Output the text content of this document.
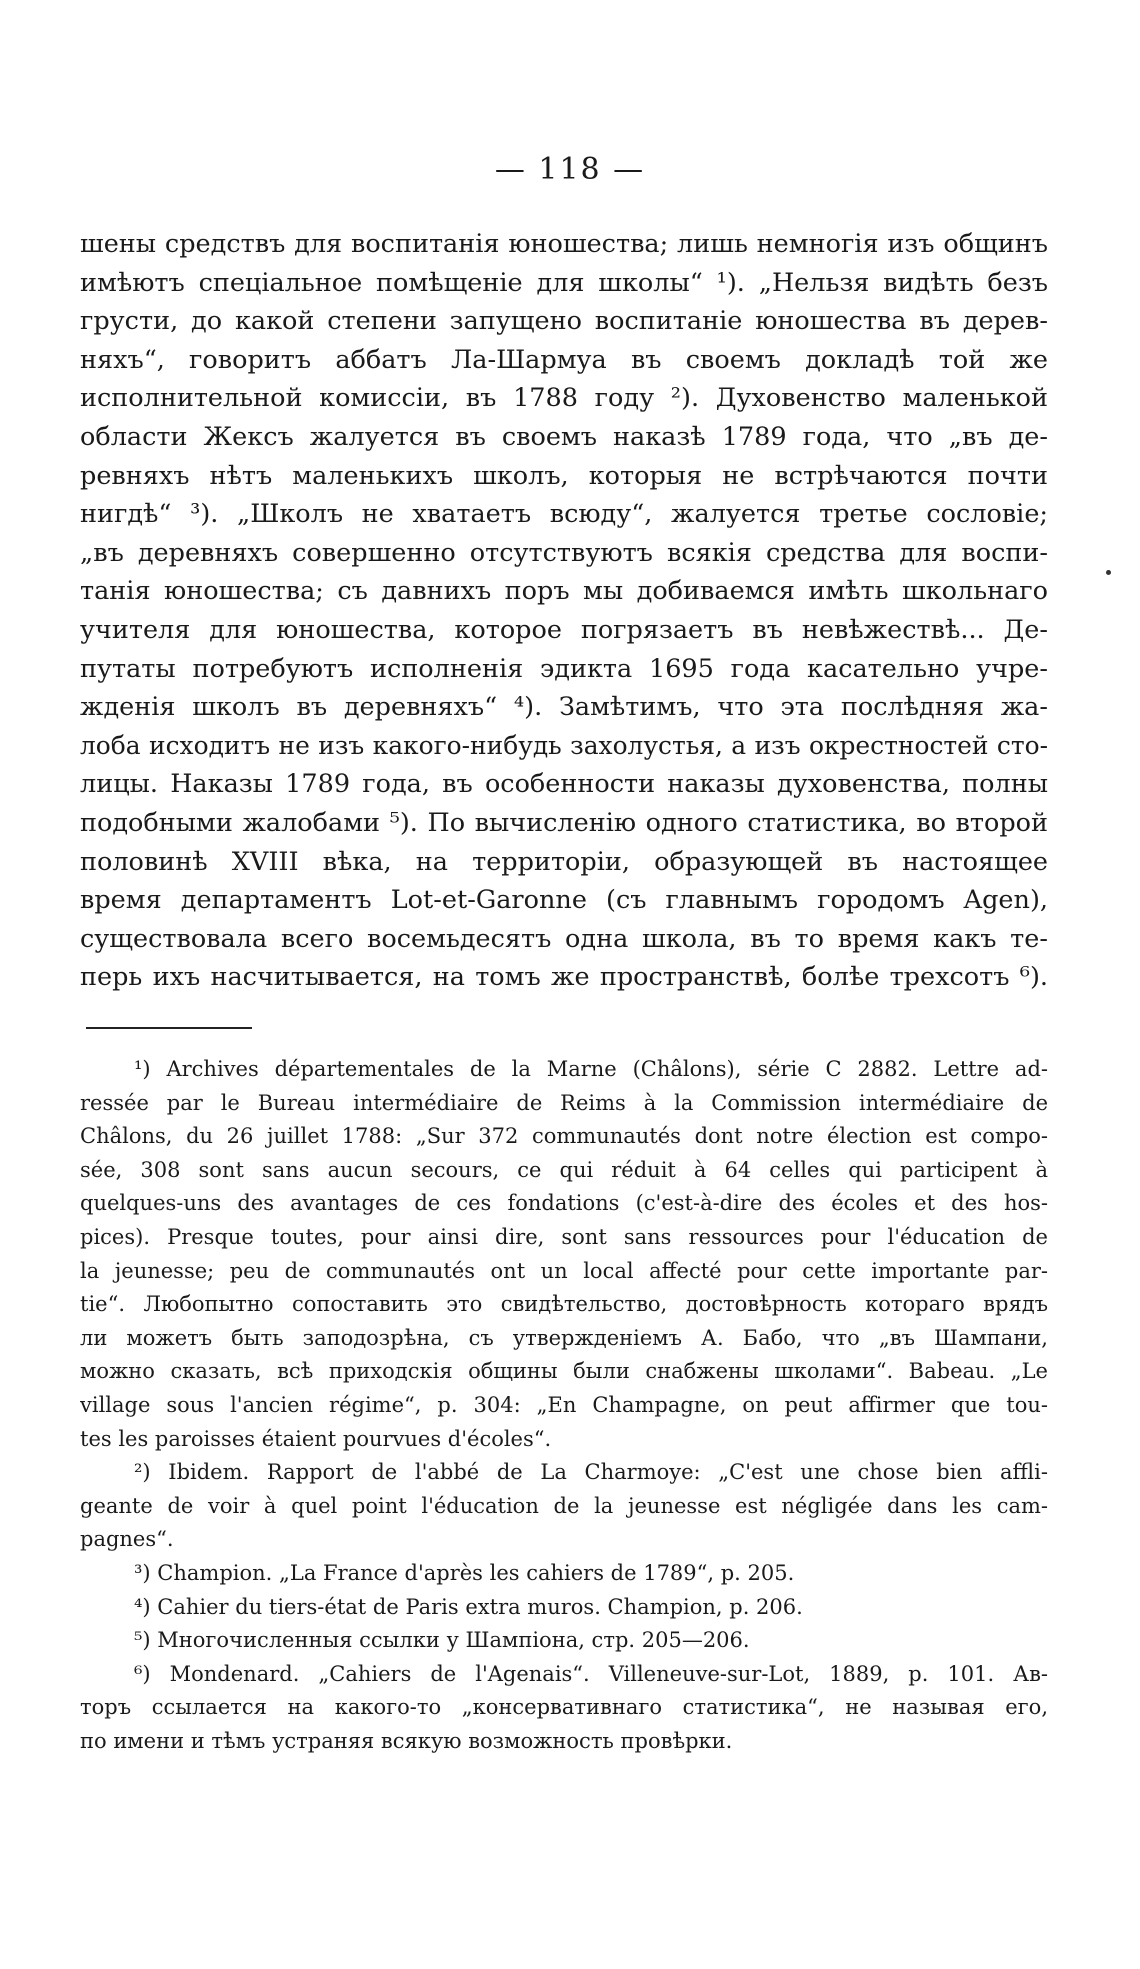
— 118 —
шены средствъ для воспитанія юношества; лишь немногія изъ общинъ
имѣютъ спеціальное помѣщеніе для школы“ ¹). „Нельзя видѣть безъ
грусти, до какой степени запущено воспитаніе юношества въ дерев-
няхъ“, говоритъ аббатъ Ла-Шармуа въ своемъ докладѣ той же
исполнительной комиссіи, въ 1788 году ²). Духовенство маленькой
области Жексъ жалуется въ своемъ наказѣ 1789 года, что „въ де-
ревняхъ нѣтъ маленькихъ школъ, которыя не встрѣчаются почти
нигдѣ“ ³). „Школъ не хватаетъ всюду“, жалуется третье сословіе;
„въ деревняхъ совершенно отсутствуютъ всякія средства для воспи-
танія юношества; съ давнихъ поръ мы добиваемся имѣть школьнаго
учителя для юношества, которое погрязаетъ въ невѣжествѣ... Де-
путаты потребуютъ исполненія эдикта 1695 года касательно учре-
жденія школъ въ деревняхъ“ ⁴). Замѣтимъ, что эта послѣдняя жа-
лоба исходитъ не изъ какого-нибудь захолустья, а изъ окрестностей сто-
лицы. Наказы 1789 года, въ особенности наказы духовенства, полны
подобными жалобами ⁵). По вычисленію одного статистика, во второй
половинѣ XVIII вѣка, на территоріи, образующей въ настоящее
время департаментъ Lot-et-Garonne (съ главнымъ городомъ Agen),
существовала всего восемьдесятъ одна школа, въ то время какъ те-
перь ихъ насчитывается, на томъ же пространствѣ, болѣе трехсотъ ⁶).
¹) Archives départementales de la Marne (Châlons), série C 2882. Lettre ad-
ressée par le Bureau intermédiaire de Reims à la Commission intermédiaire de
Châlons, du 26 juillet 1788: „Sur 372 communautés dont notre élection est compo-
sée, 308 sont sans aucun secours, ce qui réduit à 64 celles qui participent à
quelques-uns des avantages de ces fondations (c'est-à-dire des écoles et des hos-
pices). Presque toutes, pour ainsi dire, sont sans ressources pour l'éducation de
la jeunesse; peu de communautés ont un local affecté pour cette importante par-
tie“. Любопытно сопоставить это свидѣтельство, достовѣрность котораго врядъ
ли можетъ быть заподозрѣна, съ утвержденіемъ А. Бабо, что „въ Шампани,
можно сказать, всѣ приходскія общины были снабжены школами“. Babeau. „Le
village sous l'ancien régime“, p. 304: „En Champagne, on peut affirmer que tou-
tes les paroisses étaient pourvues d'écoles“.
²) Ibidem. Rapport de l'abbé de La Charmoye: „C'est une chose bien affli-
geante de voir à quel point l'éducation de la jeunesse est négligée dans les cam-
pagnes“.
³) Champion. „La France d'après les cahiers de 1789“, p. 205.
⁴) Cahier du tiers-état de Paris extra muros. Champion, p. 206.
⁵) Многочисленныя ссылки у Шампіона, стр. 205—206.
⁶) Mondenard. „Cahiers de l'Agenais“. Villeneuve-sur-Lot, 1889, p. 101. Ав-
торъ ссылается на какого-то „консервативнаго статистика“, не называя его,
по имени и тѣмъ устраняя всякую возможность провѣрки.
